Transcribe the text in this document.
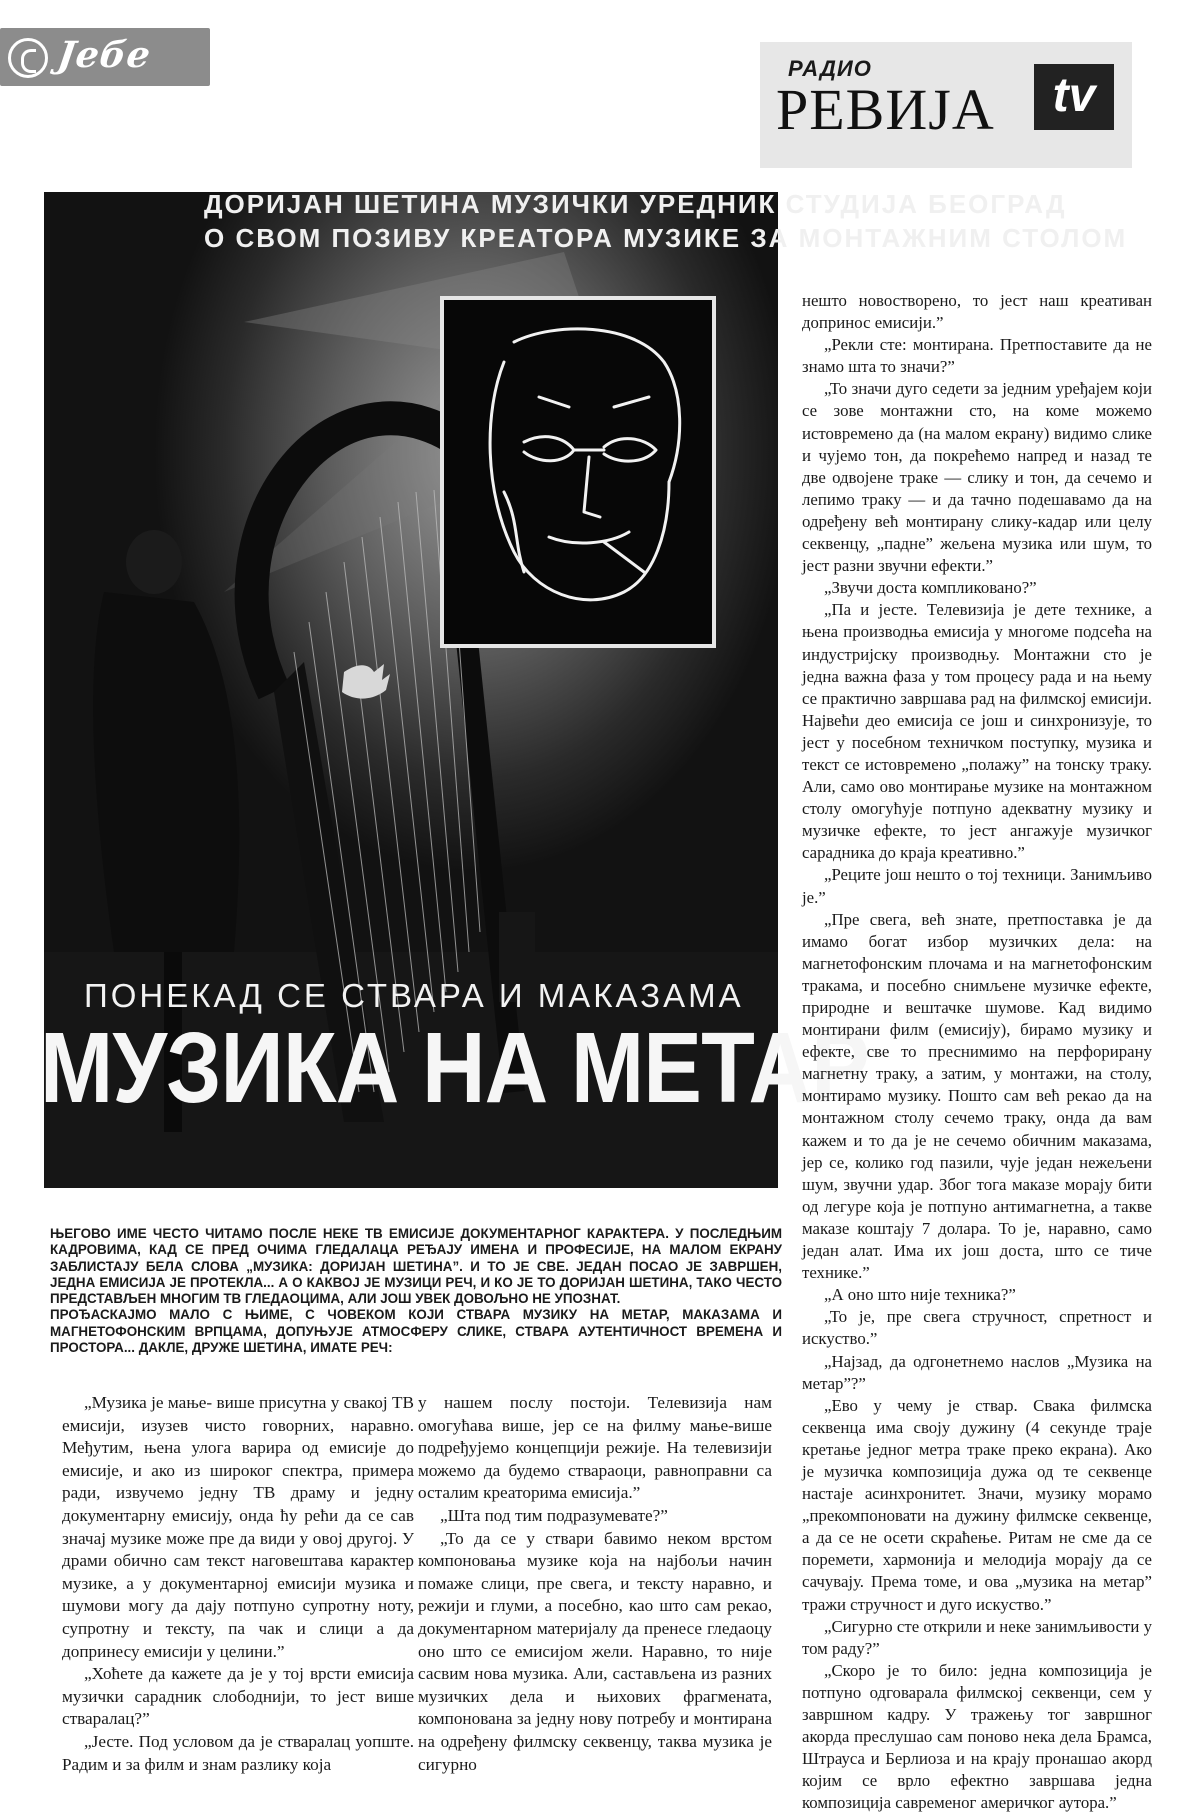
Jeбe	РАДИО
РЕВИЈА	tv
ДОРИЈАН ШЕТИНА МУЗИЧКИ УРЕДНИК СТУДИЈА БЕОГРАД
О СВОМ ПОЗИВУ КРЕАТОРА МУЗИКЕ ЗА МОНТАЖНИМ СТОЛОМ
ПОНЕКАД СЕ СТВАРА И МАКАЗАМА
МУЗИКА НА МЕТАР

ЊЕГОВО ИМЕ ЧЕСТО ЧИТАМО ПОСЛЕ НЕКЕ ТВ ЕМИСИЈЕ ДОКУМЕНТАРНОГ КАРАКТЕРА. У ПОСЛЕДЊИМ КАДРОВИМА, КАД СЕ ПРЕД ОЧИМА ГЛЕДАЛАЦА РЕЂАЈУ ИМЕНА И ПРОФЕСИЈЕ, НА МАЛОМ ЕКРАНУ ЗАБЛИСТАЈУ БЕЛА СЛОВА „МУЗИКА: ДОРИЈАН ШЕТИНА”. И ТО ЈЕ СВЕ. ЈЕДАН ПОСАО ЈЕ ЗАВРШЕН, ЈЕДНА ЕМИСИЈА ЈЕ ПРОТЕКЛА... А О КАКВОЈ ЈЕ МУЗИЦИ РЕЧ, И КО ЈЕ ТО ДОРИЈАН ШЕТИНА, ТАКО ЧЕСТО ПРЕДСТАВЉЕН МНОГИМ ТВ ГЛЕДАОЦИМА, АЛИ ЈОШ УВЕК ДОВОЉНО НЕ УПОЗНАТ.

ПРОЂАСКАЈМО МАЛО С ЊИМЕ, С ЧОВЕКОМ КОЈИ СТВАРА МУЗИКУ НА МЕТАР, МАКАЗАМА И МАГНЕТОФОНСКИМ ВРПЦАМА, ДОПУЊУЈЕ АТМОСФЕРУ СЛИКЕ, СТВАРА АУТЕНТИЧНОСТ ВРЕМЕНА И ПРОСТОРА... ДАКЛЕ, ДРУЖЕ ШЕТИНА, ИМАТЕ РЕЧ:

„Музика је мање- више присутна у свакој ТВ емисији, изузев чисто говорних, наравно. Међутим, њена улога варира од емисије до емисије, и ако из широког спектра, примера ради, извучемо једну ТВ драму и једну документарну емисију, онда ћу рећи да се сав значај музике може пре да види у овој другој. У драми обично сам текст наговештава карактер музике, а у документарној емисији музика и шумови могу да дају потпуно супротну ноту, супротну и тексту, па чак и слици а да допринесу емисији у целини.”

„Хоћете да кажете да је у тој врсти емисија музички сарадник слободнији, то јест више стваралац?”

„Јесте. Под условом да је стваралац уопште. Радим и за филм и знам разлику која

у нашем послу постоји. Телевизија нам омогућава више, јер се на филму мање-више подређујемо концепцији режије. На телевизији можемо да будемо ствараоци, равноправни са осталим креаторима емисија.”

„Шта под тим подразумевате?”

„То да се у ствари бавимо неком врстом компоновања музике која на најбољи начин помаже слици, пре свега, и тексту наравно, и режији и глуми, а посебно, као што сам рекао, документарном материјалу да пренесе гледаоцу оно што се емисијом жели. Наравно, то није сасвим нова музика. Али, састављена из разних музичких дела и њихових фрагмената, компонована за једну нову потребу и монтирана на одређену филмску секвенцу, таква музика је сигурно

нешто новостворено, то јест наш креативан допринос емисији.”

„Рекли сте: монтирана. Претпоставите да не знамо шта то значи?”

„То значи дуго седети за једним уређајем који се зове монтажни сто, на коме можемо истовремено да (на малом екрану) видимо слике и чујемо тон, да покрећемо напред и назад те две одвојене траке — слику и тон, да сечемо и лепимо траку — и да тачно подешавамо да на одређену већ монтирану слику-кадар или целу секвенцу, „падне” жељена музика или шум, то јест разни звучни ефекти.”

„Звучи доста компликовано?”

„Па и јесте. Телевизија је дете технике, а њена производња емисија у многоме подсећа на индустријску производњу. Монтажни сто је једна важна фаза у том процесу рада и на њему се практично завршава рад на филмској емисији. Највећи део емисија се још и синхронизује, то јест у посебном техничком поступку, музика и текст се истовремено „полажу” на тонску траку. Али, само ово монтирање музике на монтажном столу омогућује потпуно адекватну музику и музичке ефекте, то јест ангажује музичког сарадника до краја креативно.”

„Реците још нешто о тој техници. Занимљиво је.”

„Пре свега, већ знате, претпоставка је да имамо богат избор музичких дела: на магнетофонским плочама и на магнетофонским тракама, и посебно снимљене музичке ефекте, природне и вештачке шумове. Кад видимо монтирани филм (емисију), бирамо музику и ефекте, све то преснимимо на перфорирану магнетну траку, а затим, у монтажи, на столу, монтирамо музику. Пошто сам већ рекао да на монтажном столу сечемо траку, онда да вам кажем и то да је не сечемо обичним маказама, јер се, колико год пазили, чује један нежељени шум, звучни удар. Због тога маказе морају бити од легуре која је потпуно антимагнетна, а такве маказе коштају 7 долара. То је, наравно, само један алат. Има их још доста, што се тиче технике.”

„А оно што није техника?”

„То је, пре свега стручност, спретност и искуство.”

„Најзад, да одгонетнемо наслов „Музика на метар”?”

„Ево у чему је ствар. Свака филмска секвенца има своју дужину (4 секунде траје кретање једног метра траке преко екрана). Ако је музичка композиција дужа од те секвенце настаје асинхронитет. Значи, музику морамо „прекомпоновати на дужину филмске секвенце, а да се не осети скраћење. Ритам не сме да се поремети, хармонија и мелодија морају да се сачувају. Према томе, и ова „музика на метар” тражи стручност и дуго искуство.”

„Сигурно сте открили и неке занимљивости у том раду?”

„Скоро је то било: једна композиција је потпуно одговарала филмској секвенци, сем у завршном кадру. У тражењу тог завршног акорда преслушао сам поново нека дела Брамса, Штрауса и Берлиоза и на крају пронашао акорд којим се врло ефектно завршава једна композиција савременог америчког аутора.”
